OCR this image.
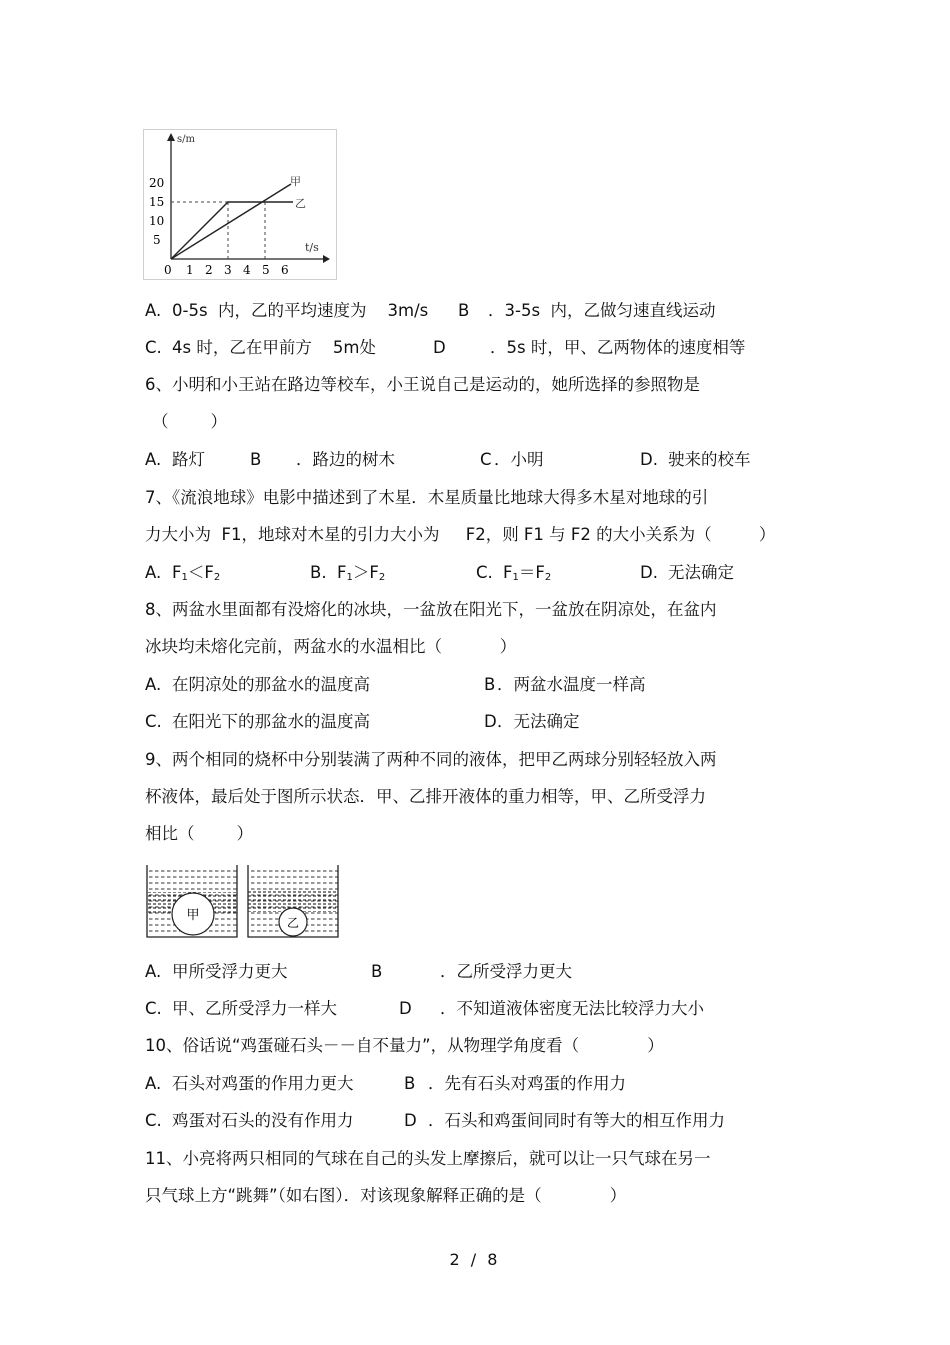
s/m
t/s
20
15
10
5
0 1 2 3 4 5 6
甲
乙
A. 0-5s  内，乙的平均速度为    3m/s B ．3-5s  内，乙做匀速直线运动
C. 4s 时，乙在甲前方    5m处	D	．5s 时，甲、乙两物体的速度相等
6、小明和小王站在路边等校车，小王说自己是运动的，她所选择的参照物是
（        ）
A. 路灯	B ．路边的树木	C ．小明	D. 驶来的校车
7、《流浪地球》电影中描述到了木星．木星质量比地球大得多木星对地球的引
力大小为  F1，地球对木星的引力大小为     F2，则 F1 与 F2 的大小关系为（         ）
A. $F_1<F_2$	B. $F_1>F_2$	C. $F_1=F_2$	D. 无法确定
8、两盆水里面都有没熔化的冰块，一盆放在阳光下，一盆放在阴凉处，在盆内
冰块均未熔化完前，两盆水的水温相比（           ）
A. 在阴凉处的那盆水的温度高	B ．两盆水温度一样高
C. 在阳光下的那盆水的温度高	D ．无法确定
9、两个相同的烧杯中分别装满了两种不同的液体，把甲乙两球分别轻轻放入两
杯液体，最后处于图所示状态．甲、乙排开液体的重力相等，甲、乙所受浮力
相比（        ）
甲	乙
A. 甲所受浮力更大	B	．乙所受浮力更大
C. 甲、乙所受浮力一样大	D ．不知道液体密度无法比较浮力大小
10、俗话说“鸡蛋碰石头－－自不量力”，从物理学角度看（             ）
A. 石头对鸡蛋的作用力更大	B ．先有石头对鸡蛋的作用力
C. 鸡蛋对石头的没有作用力	D ．石头和鸡蛋间同时有等大的相互作用力
11、小亮将两只相同的气球在自己的头发上摩擦后，就可以让一只气球在另一
只气球上方“跳舞”（如右图）．对该现象解释正确的是（             ）
2 / 8
